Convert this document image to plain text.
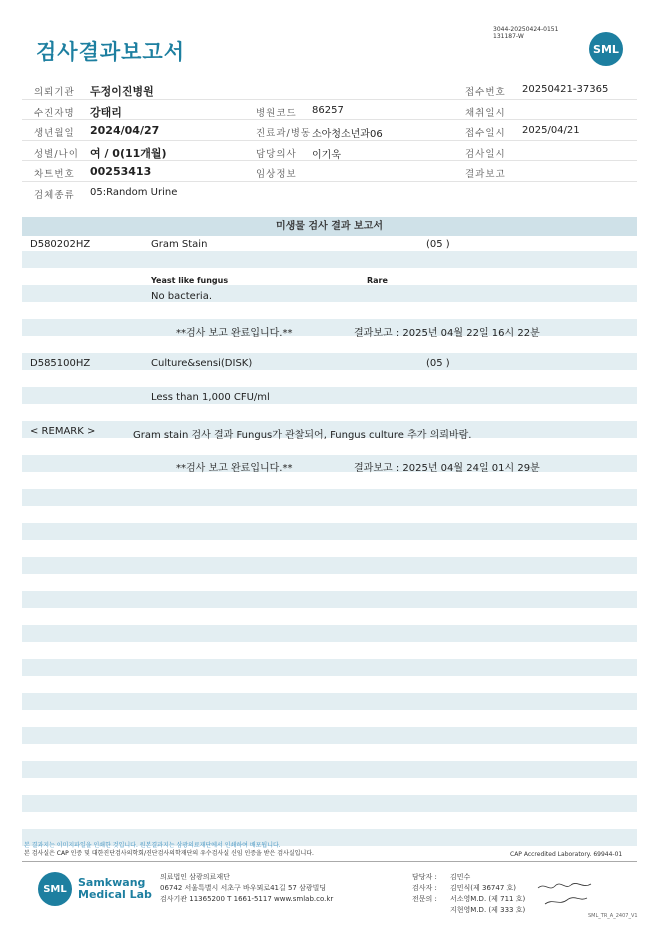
검사결과보고서
3044-20250424-0151
131187-W
SML
의뢰기관 두정이진병원	접수번호 20250421-37365
수진자명 강태리	병원코드 86257	채취일시
생년월일 2024/04/27	진료과/병동 소아청소년과06	접수일시 2025/04/21
성별/나이 여 / 0(11개월)	담당의사 이기욱	검사일시
차트번호 00253413	임상정보	결과보고
검체종류 05:Random Urine
미생물 검사 결과 보고서
D580202HZ	Gram Stain	(05 )
Yeast like fungus	Rare
No bacteria.
**검사 보고 완료입니다.**	결과보고 : 2025년 04월 22일 16시 22분
D585100HZ	Culture&sensi(DISK)	(05 )
Less than 1,000 CFU/ml
< REMARK >	Gram stain 검사 결과 Fungus가 관찰되어, Fungus culture 추가 의뢰바람.
**검사 보고 완료입니다.**	결과보고 : 2025년 04월 24일 01시 29분
본 결과지는 이미지파일을 인쇄한 것입니다. 원본결과지는 삼광의료재단에서 인쇄하여 배포됩니다.
본 검사실은 CAP 인증 및 대한진단검사의학회/진단검사의학재단의 우수검사실 신임 인증을 받은 검사실입니다.	CAP Accredited Laboratory. 69944-01
SML	Samkwang
Medical Lab
의료법인 삼광의료재단
06742 서울특별시 서초구 바우뫼로41길 57 삼광빌딩
검사기관 11365200 T 1661-5117 www.smlab.co.kr
담당자 : 김민수
검사자 : 김민식(제 36747 호)
전문의 : 서소영M.D. (제 711 호)
지현영M.D. (제 333 호)
SML_TR_A_2407_V1
